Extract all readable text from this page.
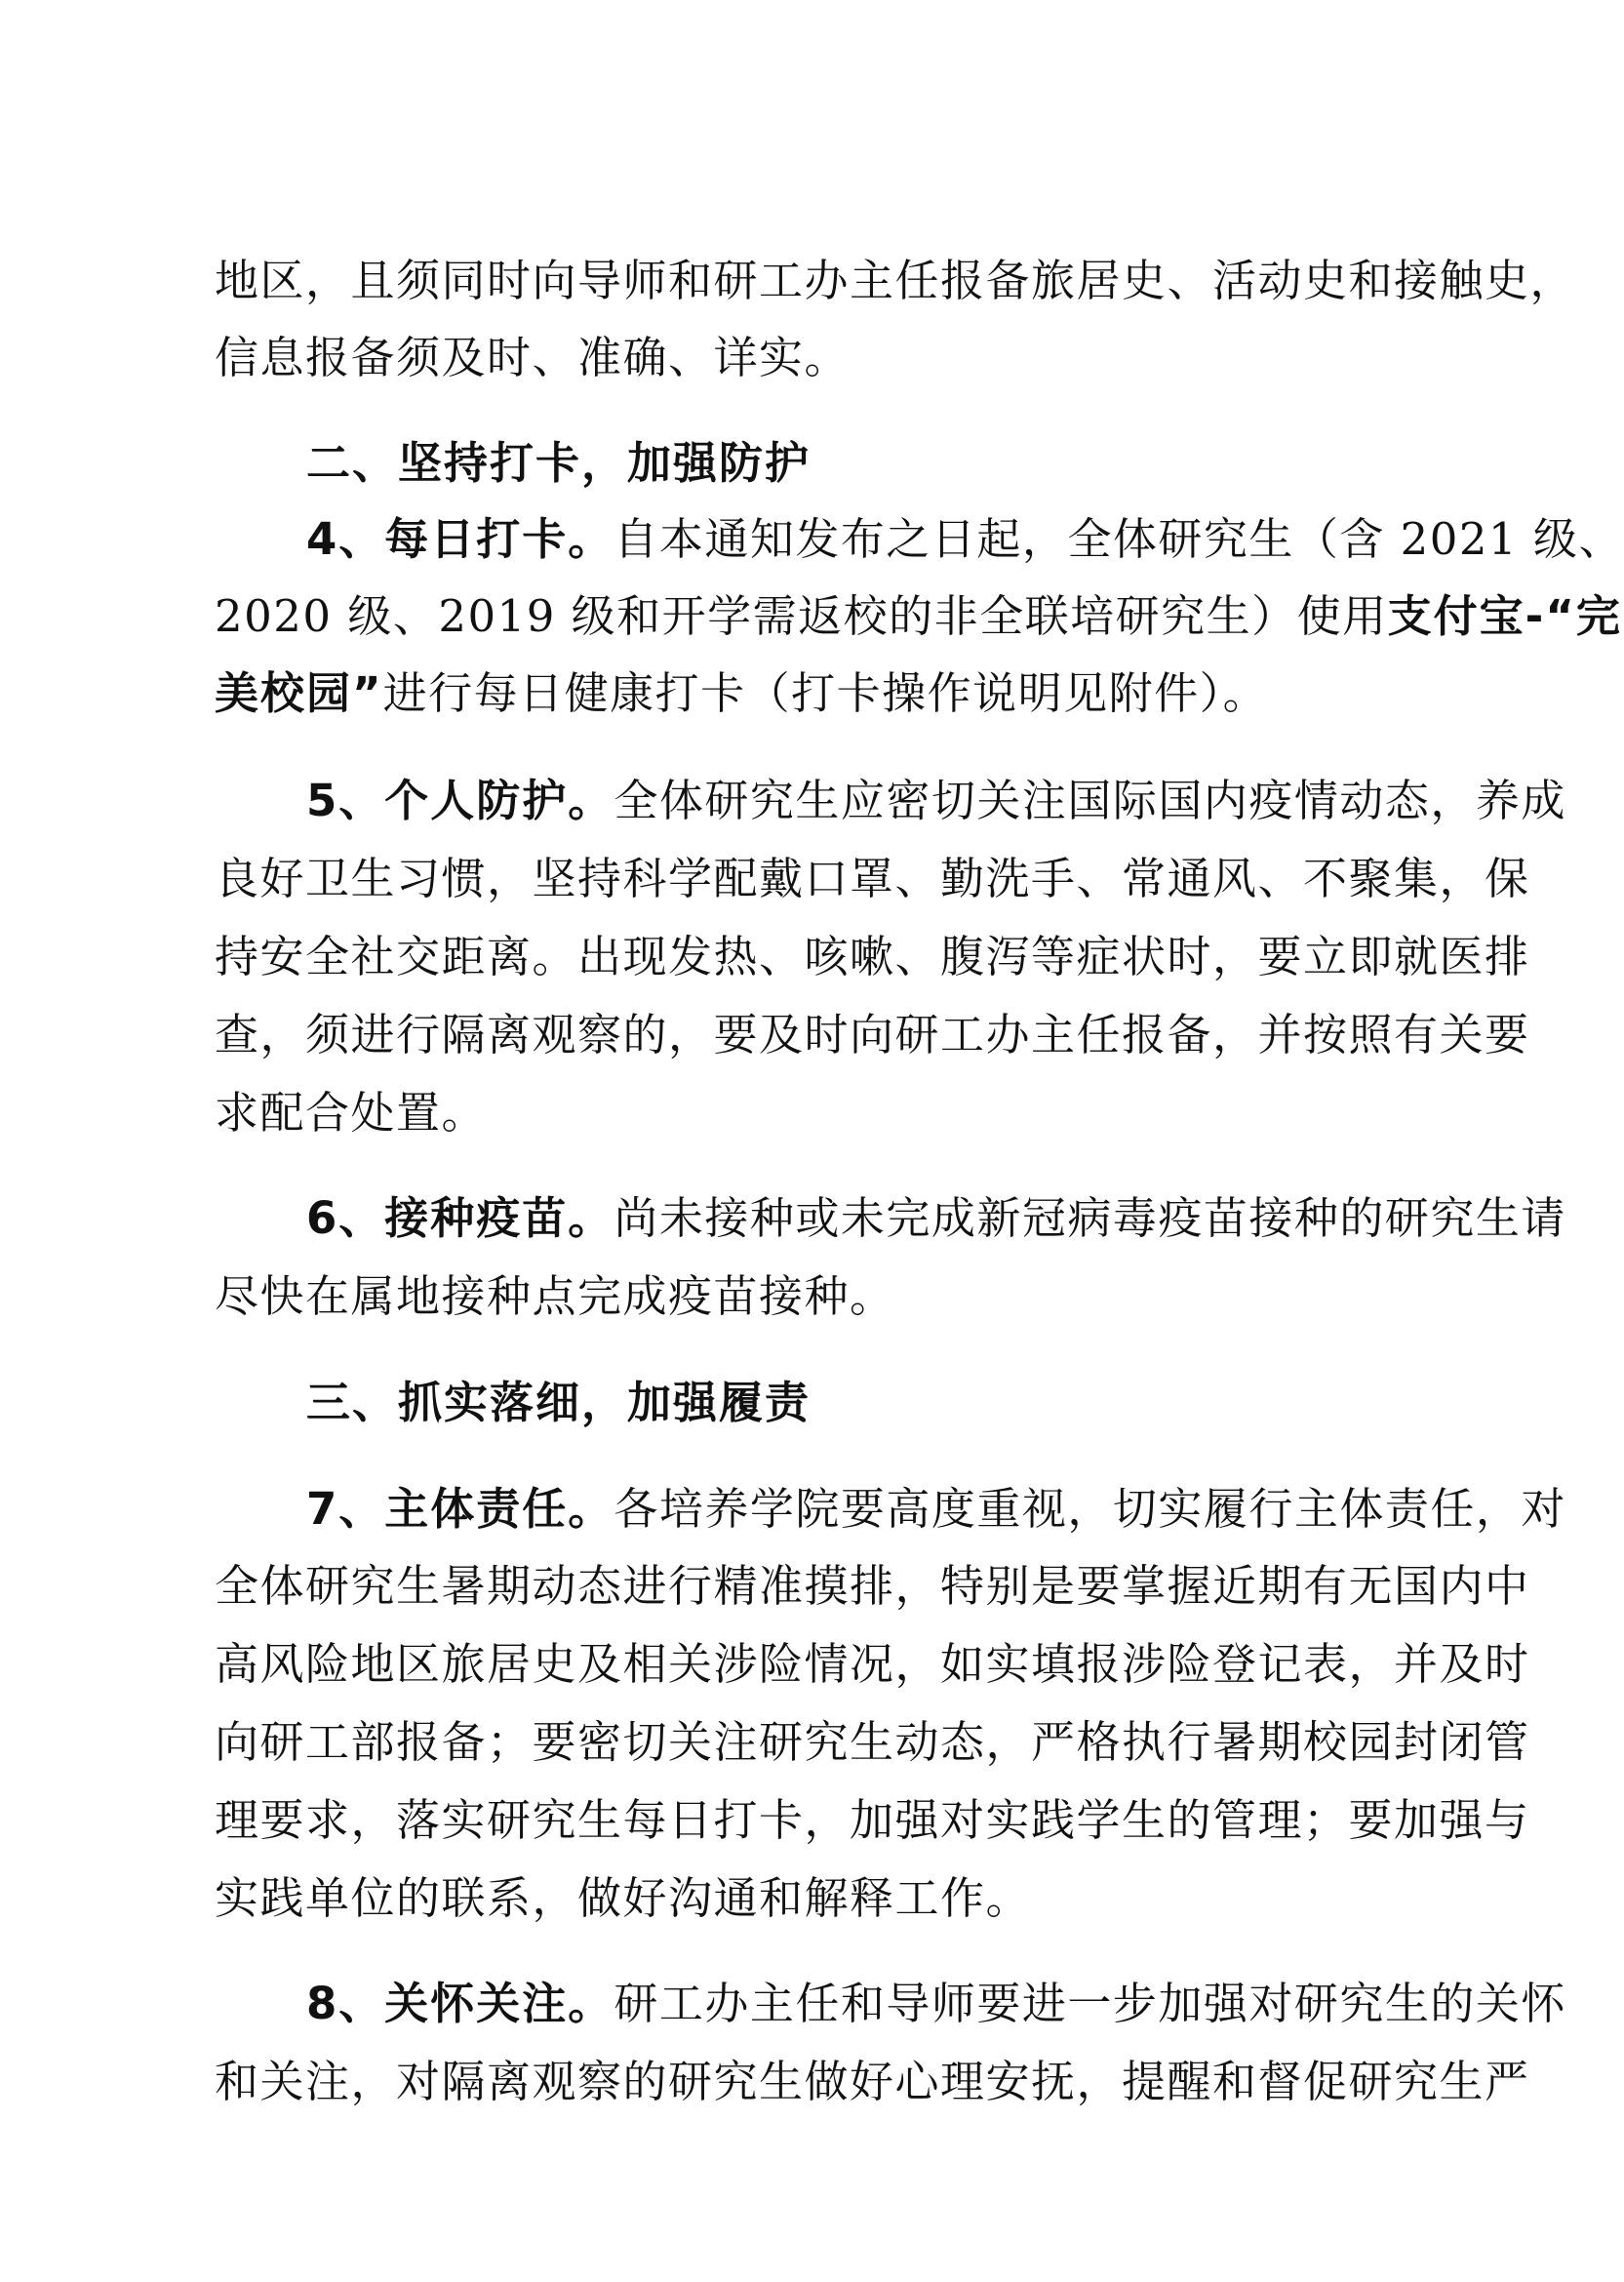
地区，且须同时向导师和研工办主任报备旅居史、活动史和接触史，
信息报备须及时、准确、详实。
二、坚持打卡，加强防护
4、每日打卡。自本通知发布之日起，全体研究生（含 2021 级、
2020 级、2019 级和开学需返校的非全联培研究生）使用支付宝-“完
美校园”进行每日健康打卡（打卡操作说明见附件）。
5、个人防护。全体研究生应密切关注国际国内疫情动态，养成
良好卫生习惯，坚持科学配戴口罩、勤洗手、常通风、不聚集，保
持安全社交距离。出现发热、咳嗽、腹泻等症状时，要立即就医排
查，须进行隔离观察的，要及时向研工办主任报备，并按照有关要
求配合处置。
6、接种疫苗。尚未接种或未完成新冠病毒疫苗接种的研究生请
尽快在属地接种点完成疫苗接种。
三、抓实落细，加强履责
7、主体责任。各培养学院要高度重视，切实履行主体责任，对
全体研究生暑期动态进行精准摸排，特别是要掌握近期有无国内中
高风险地区旅居史及相关涉险情况，如实填报涉险登记表，并及时
向研工部报备；要密切关注研究生动态，严格执行暑期校园封闭管
理要求，落实研究生每日打卡，加强对实践学生的管理；要加强与
实践单位的联系，做好沟通和解释工作。
8、关怀关注。研工办主任和导师要进一步加强对研究生的关怀
和关注，对隔离观察的研究生做好心理安抚，提醒和督促研究生严
